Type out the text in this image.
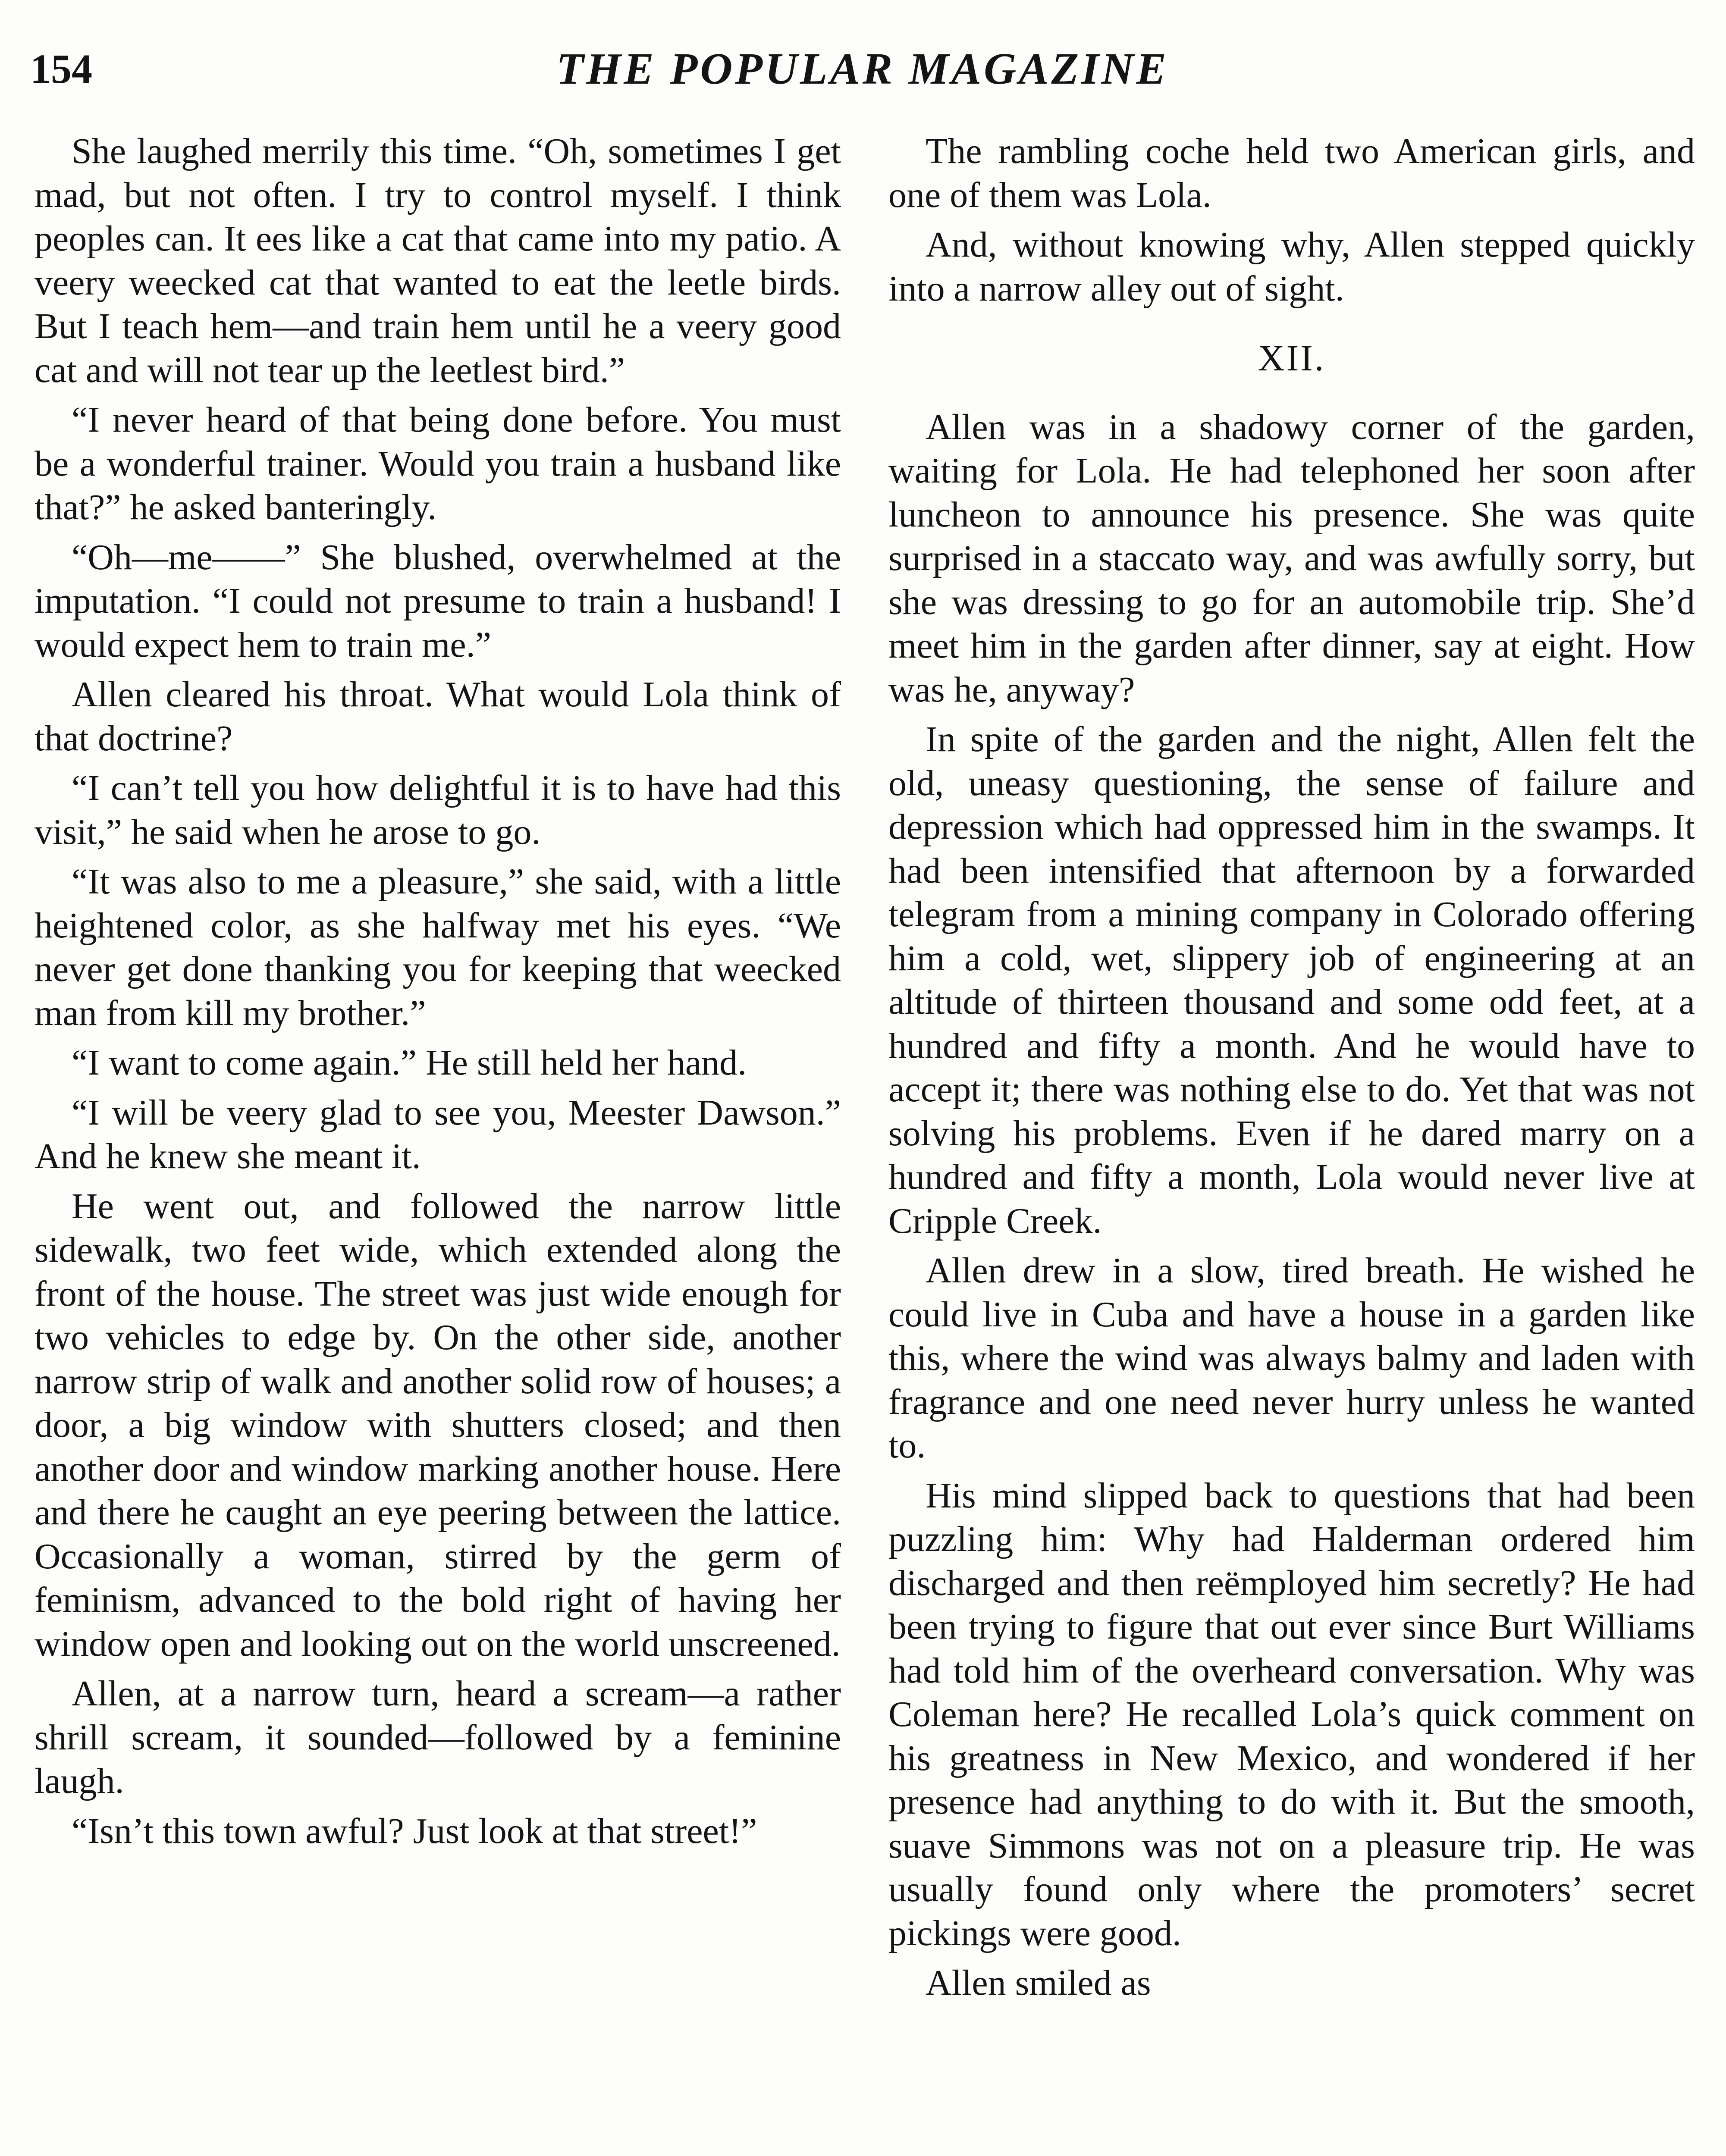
154	THE POPULAR MAGAZINE

She laughed merrily this time. “Oh, sometimes I get mad, but not often. I try to control myself. I think peoples can. It ees like a cat that came into my patio. A veery weecked cat that wanted to eat the leetle birds. But I teach hem—and train hem until he a veery good cat and will not tear up the leetlest bird.”

“I never heard of that being done before. You must be a wonderful trainer. Would you train a husband like that?” he asked banteringly.

“Oh—me——” She blushed, overwhelmed at the imputation. “I could not presume to train a husband! I would expect hem to train me.”

Allen cleared his throat. What would Lola think of that doctrine?

“I can’t tell you how delightful it is to have had this visit,” he said when he arose to go.

“It was also to me a pleasure,” she said, with a little heightened color, as she halfway met his eyes. “We never get done thanking you for keeping that weecked man from kill my brother.”

“I want to come again.” He still held her hand.

“I will be veery glad to see you, Meester Dawson.” And he knew she meant it.

He went out, and followed the narrow little sidewalk, two feet wide, which extended along the front of the house. The street was just wide enough for two vehicles to edge by. On the other side, another narrow strip of walk and another solid row of houses; a door, a big window with shutters closed; and then another door and window marking another house. Here and there he caught an eye peering between the lattice. Occasionally a woman, stirred by the germ of feminism, advanced to the bold right of having her window open and looking out on the world unscreened.

Allen, at a narrow turn, heard a scream—a rather shrill scream, it sounded—followed by a feminine laugh.

“Isn’t this town awful? Just look at that street!”

The rambling coche held two American girls, and one of them was Lola.

And, without knowing why, Allen stepped quickly into a narrow alley out of sight.

XII.

Allen was in a shadowy corner of the garden, waiting for Lola. He had telephoned her soon after luncheon to announce his presence. She was quite surprised in a staccato way, and was awfully sorry, but she was dressing to go for an automobile trip. She’d meet him in the garden after dinner, say at eight. How was he, anyway?

In spite of the garden and the night, Allen felt the old, uneasy questioning, the sense of failure and depression which had oppressed him in the swamps. It had been intensified that afternoon by a forwarded telegram from a mining company in Colorado offering him a cold, wet, slippery job of engineering at an altitude of thirteen thousand and some odd feet, at a hundred and fifty a month. And he would have to accept it; there was nothing else to do. Yet that was not solving his problems. Even if he dared marry on a hundred and fifty a month, Lola would never live at Cripple Creek.

Allen drew in a slow, tired breath. He wished he could live in Cuba and have a house in a garden like this, where the wind was always balmy and laden with fragrance and one need never hurry unless he wanted to.

His mind slipped back to questions that had been puzzling him: Why had Halderman ordered him discharged and then reëmployed him secretly? He had been trying to figure that out ever since Burt Williams had told him of the overheard conversation. Why was Coleman here? He recalled Lola’s quick comment on his greatness in New Mexico, and wondered if her presence had anything to do with it. But the smooth, suave Simmons was not on a pleasure trip. He was usually found only where the promoters’ secret pickings were good.

Allen smiled as
